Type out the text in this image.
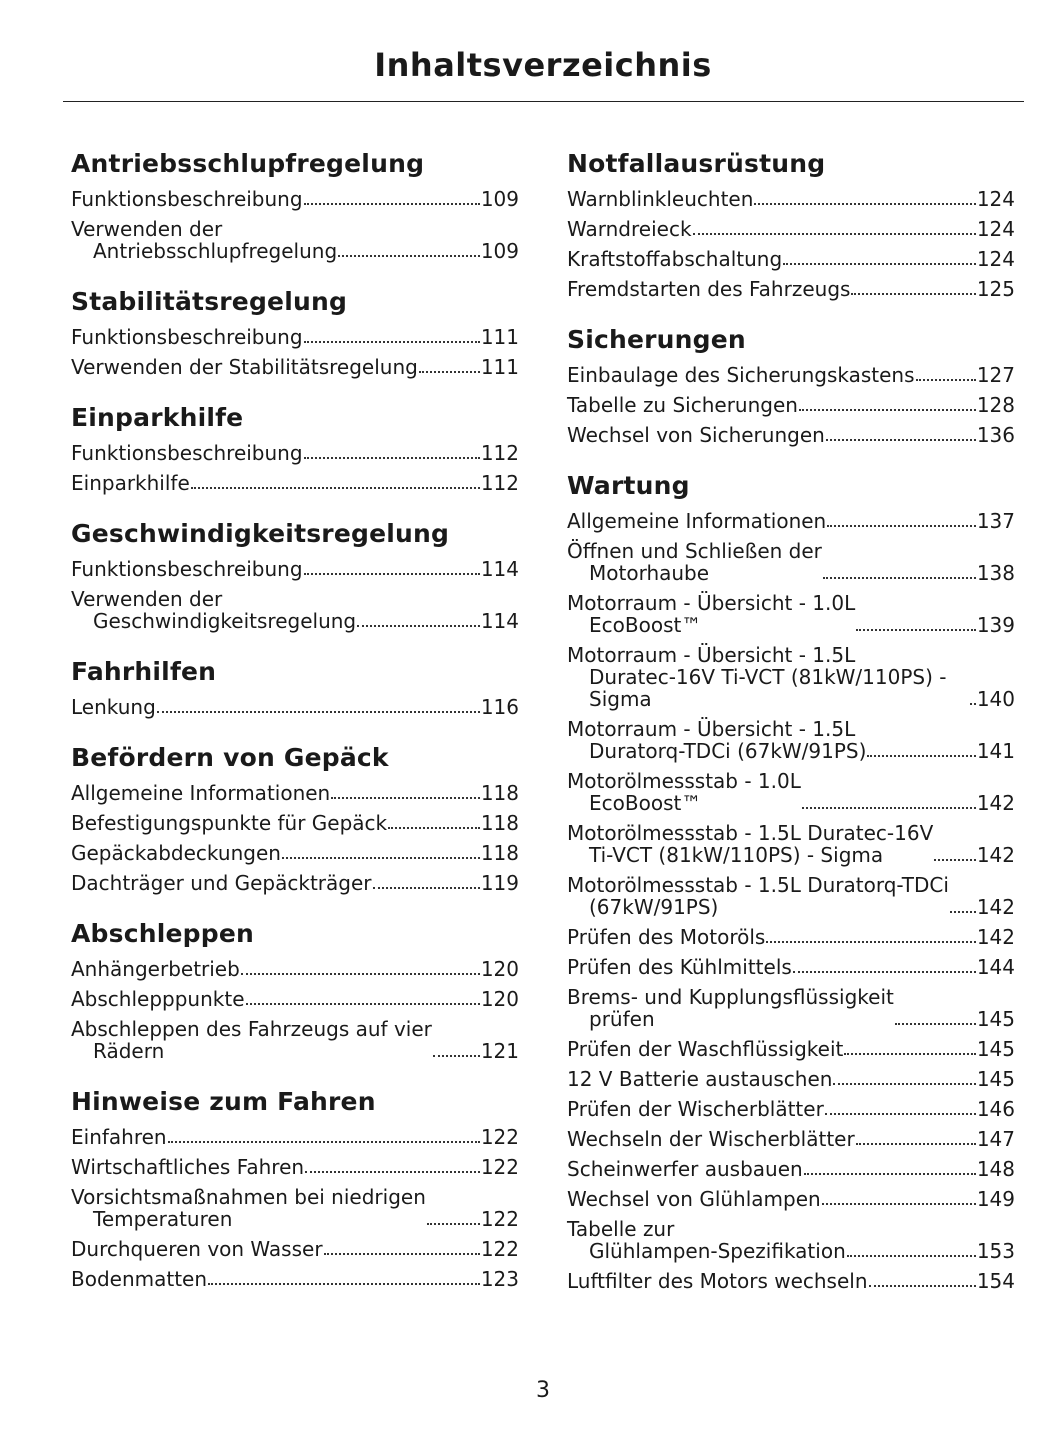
Inhaltsverzeichnis
Antriebsschlupfregelung
Funktionsbeschreibung	109
Verwenden der
Antriebsschlupfregelung	109
Stabilitätsregelung
Funktionsbeschreibung	111
Verwenden der Stabilitätsregelung	111
Einparkhilfe
Funktionsbeschreibung	112
Einparkhilfe	112
Geschwindigkeitsregelung
Funktionsbeschreibung	114
Verwenden der
Geschwindigkeitsregelung	114
Fahrhilfen
Lenkung	116
Befördern von Gepäck
Allgemeine Informationen	118
Befestigungspunkte für Gepäck	118
Gepäckabdeckungen	118
Dachträger und Gepäckträger	119
Abschleppen
Anhängerbetrieb	120
Abschlepppunkte	120
Abschleppen des Fahrzeugs auf vier
Rädern	121
Hinweise zum Fahren
Einfahren	122
Wirtschaftliches Fahren	122
Vorsichtsmaßnahmen bei niedrigen
Temperaturen	122
Durchqueren von Wasser	122
Bodenmatten	123
Notfallausrüstung
Warnblinkleuchten	124
Warndreieck	124
Kraftstoffabschaltung	124
Fremdstarten des Fahrzeugs	125
Sicherungen
Einbaulage des Sicherungskastens	127
Tabelle zu Sicherungen	128
Wechsel von Sicherungen	136
Wartung
Allgemeine Informationen	137
Öffnen und Schließen der
Motorhaube	138
Motorraum - Übersicht - 1.0L
EcoBoost™	139
Motorraum - Übersicht - 1.5L
Duratec-16V Ti-VCT (81kW/110PS) - Sigma	140
Motorraum - Übersicht - 1.5L
Duratorq-TDCi (67kW/91PS)	141
Motorölmessstab - 1.0L
EcoBoost™	142
Motorölmessstab - 1.5L Duratec-16V
Ti-VCT (81kW/110PS) - Sigma	142
Motorölmessstab - 1.5L Duratorq-TDCi
(67kW/91PS)	142
Prüfen des Motoröls	142
Prüfen des Kühlmittels	144
Brems- und Kupplungsflüssigkeit
prüfen	145
Prüfen der Waschflüssigkeit	145
12 V Batterie austauschen	145
Prüfen der Wischerblätter	146
Wechseln der Wischerblätter	147
Scheinwerfer ausbauen	148
Wechsel von Glühlampen	149
Tabelle zur
Glühlampen-Spezifikation	153
Luftfilter des Motors wechseln	154
3
